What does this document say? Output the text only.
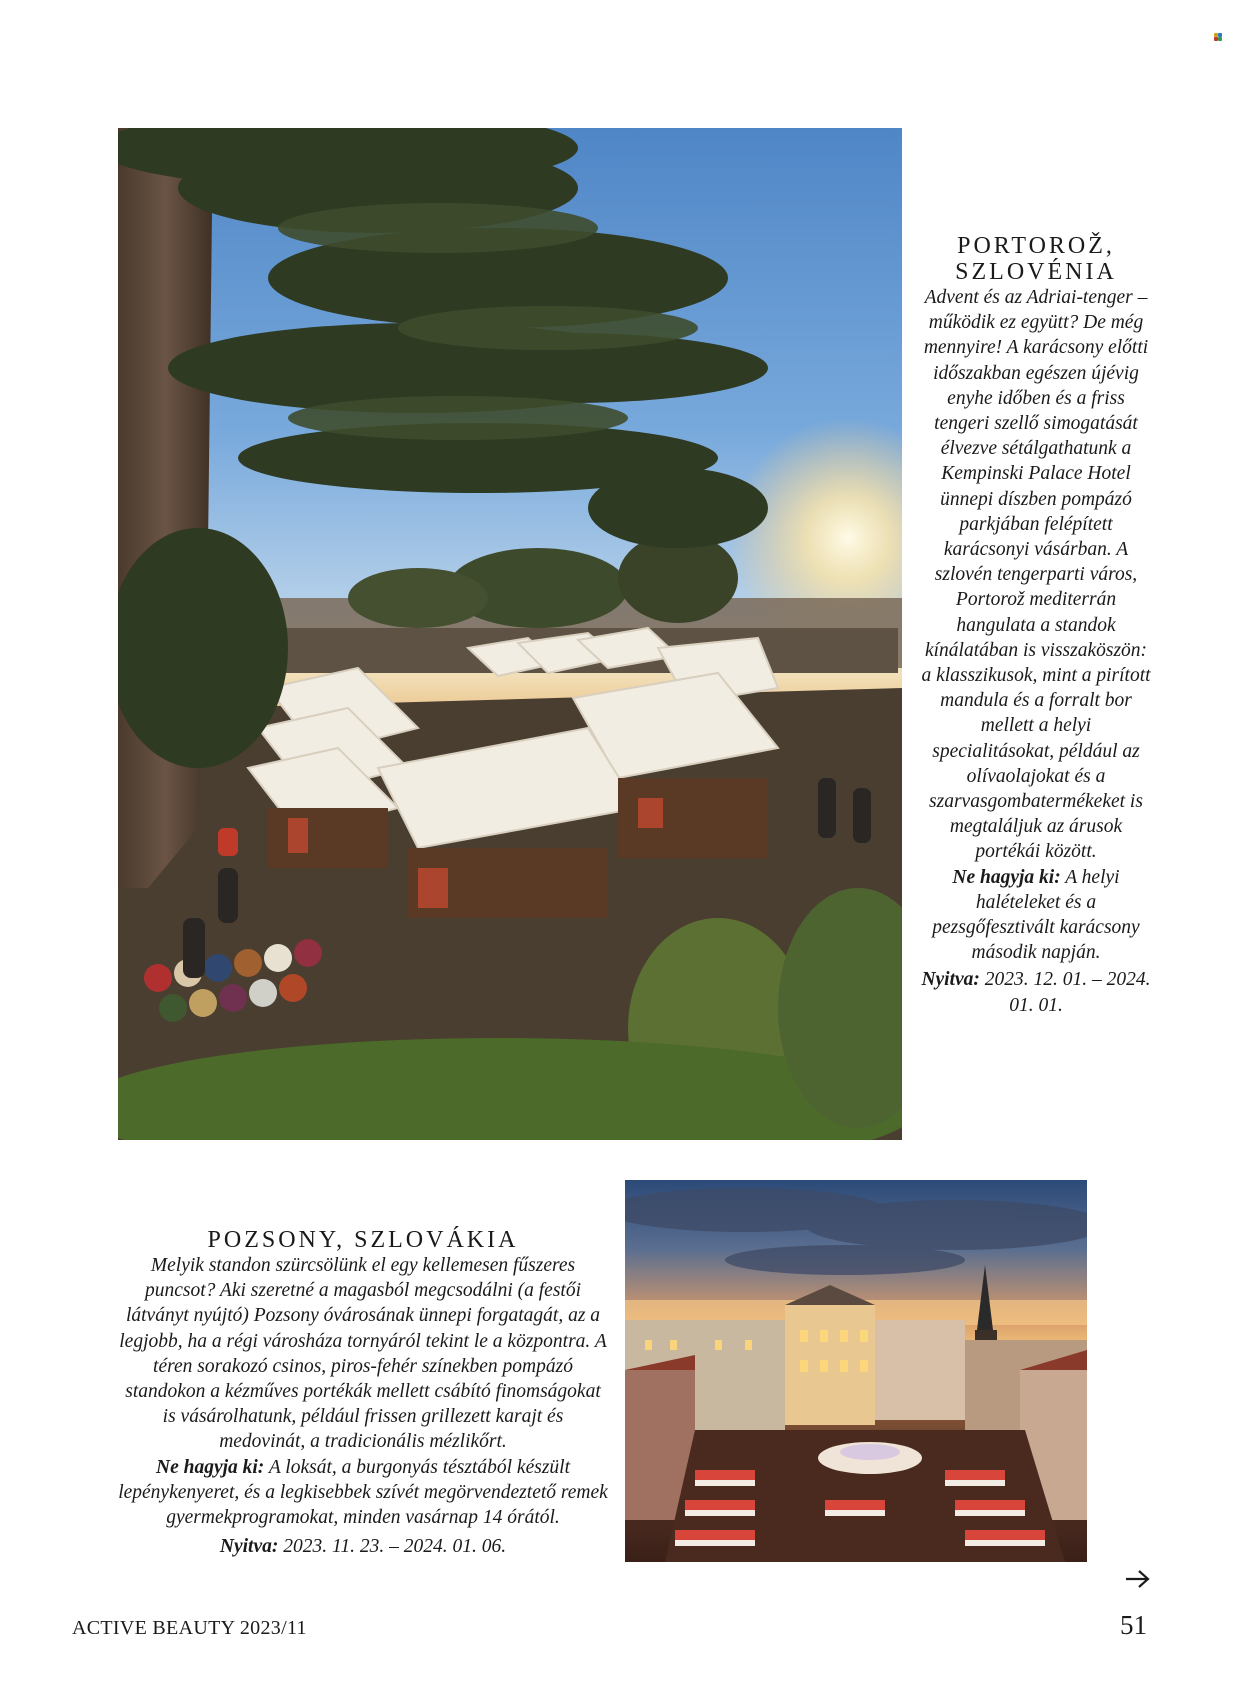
PORTOROŽ,
SZLOVÉNIA

Advent és az Adriai-tenger – működik ez együtt? De még mennyire! A karácsony előtti időszakban egészen újévig enyhe időben és a friss tengeri szellő simogatását élvezve sétálgathatunk a Kempinski Palace Hotel ünnepi díszben pompázó parkjában felépített karácsonyi vásárban. A szlovén tengerparti város, Portorož mediterrán hangulata a standok kínálatában is visszaköszön: a klasszikusok, mint a pirított mandula és a forralt bor mellett a helyi specialitásokat, például az olívaolajokat és a szarvasgombatermékeket is megtaláljuk az árusok portékái között.

Ne hagyja ki: A helyi halételeket és a pezsgőfesztivált karácsony második napján.

Nyitva: 2023. 12. 01. – 2024. 01. 01.

POZSONY, SZLOVÁKIA

Melyik standon szürcsölünk el egy kellemesen fűszeres puncsot? Aki szeretné a magasból megcsodálni (a festői látványt nyújtó) Pozsony óvárosának ünnepi forgatagát, az a legjobb, ha a régi városháza tornyáról tekint le a központra. A téren sorakozó csinos, piros-fehér színekben pompázó standokon a kézműves portékák mellett csábító finomságokat is vásárolhatunk, például frissen grillezett karajt és medovinát, a tradicionális mézlikőrt.

Ne hagyja ki: A loksát, a burgonyás tésztából készült lepénykenyeret, és a legkisebbek szívét megörvendeztető remek gyermekprogramokat, minden vasárnap 14 órától.

Nyitva: 2023. 11. 23. – 2024. 01. 06.

ACTIVE BEAUTY 2023/11	51
